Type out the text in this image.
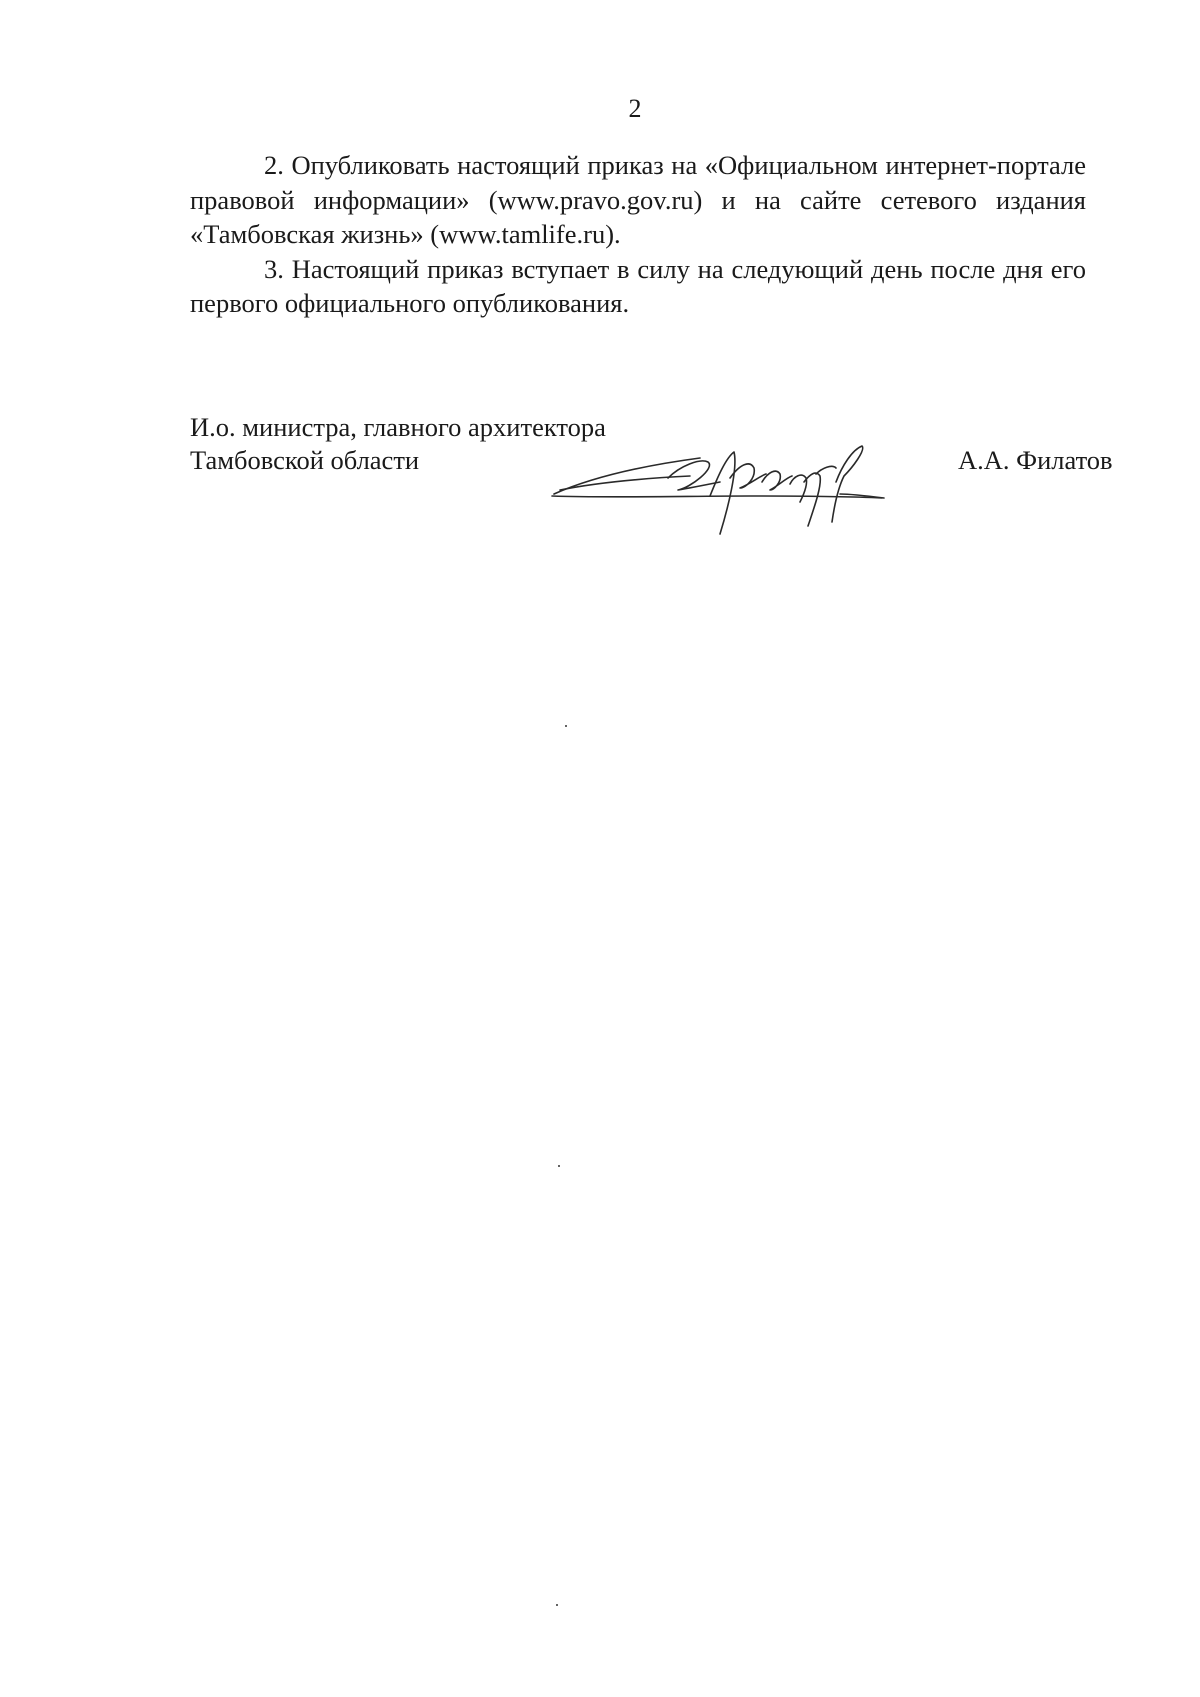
2

2. Опубликовать настоящий приказ на «Официальном интернет-портале правовой информации» (www.pravo.gov.ru) и на сайте сетевого издания «Тамбовская жизнь» (www.tamlife.ru).

3. Настоящий приказ вступает в силу на следующий день после дня его первого официального опубликования.

И.о. министра, главного архитектора
Тамбовской области	А.А. Филатов
